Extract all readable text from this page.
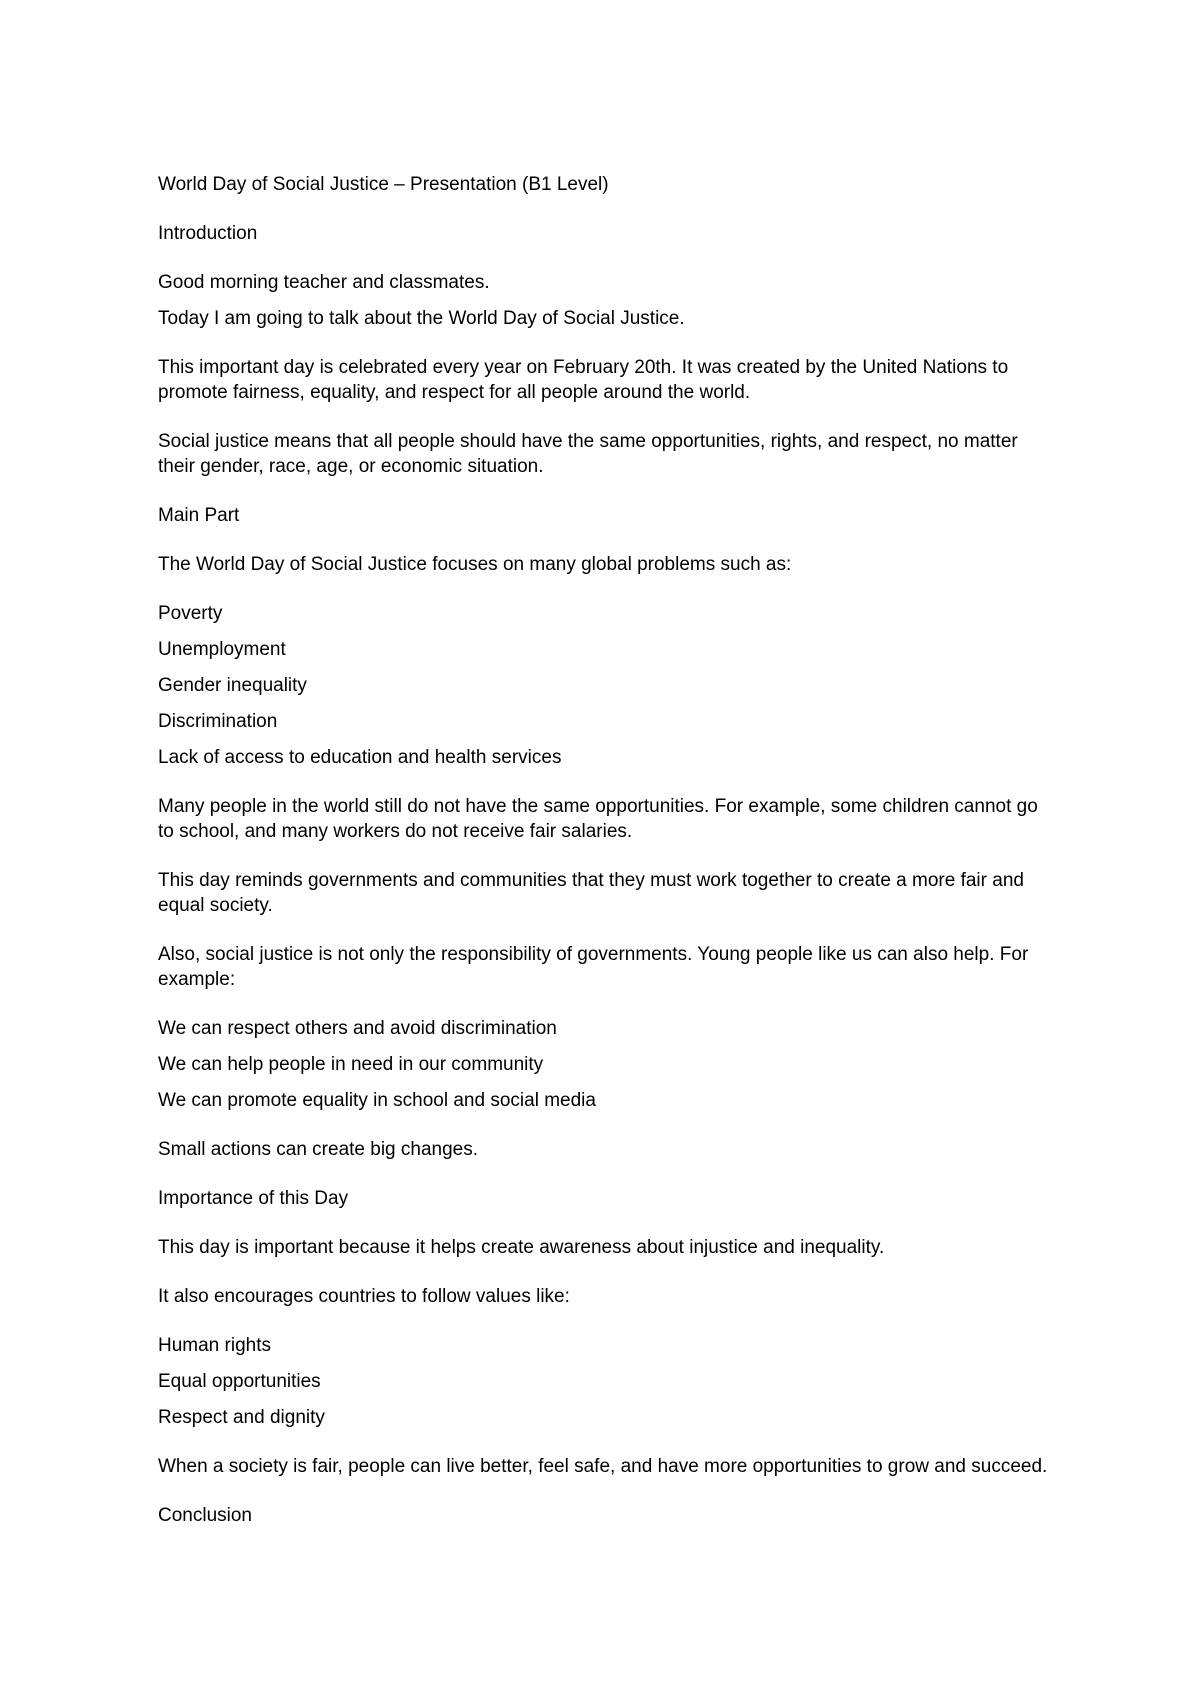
World Day of Social Justice – Presentation (B1 Level)

Introduction

Good morning teacher and classmates.

Today I am going to talk about the World Day of Social Justice.

This important day is celebrated every year on February 20th. It was created by the United Nations to promote fairness, equality, and respect for all people around the world.

Social justice means that all people should have the same opportunities, rights, and respect, no matter their gender, race, age, or economic situation.

Main Part

The World Day of Social Justice focuses on many global problems such as:

Poverty

Unemployment

Gender inequality

Discrimination

Lack of access to education and health services

Many people in the world still do not have the same opportunities. For example, some children cannot go to school, and many workers do not receive fair salaries.

This day reminds governments and communities that they must work together to create a more fair and equal society.

Also, social justice is not only the responsibility of governments. Young people like us can also help. For example:

We can respect others and avoid discrimination

We can help people in need in our community

We can promote equality in school and social media

Small actions can create big changes.

Importance of this Day

This day is important because it helps create awareness about injustice and inequality.

It also encourages countries to follow values like:

Human rights

Equal opportunities

Respect and dignity

When a society is fair, people can live better, feel safe, and have more opportunities to grow and succeed.

Conclusion
